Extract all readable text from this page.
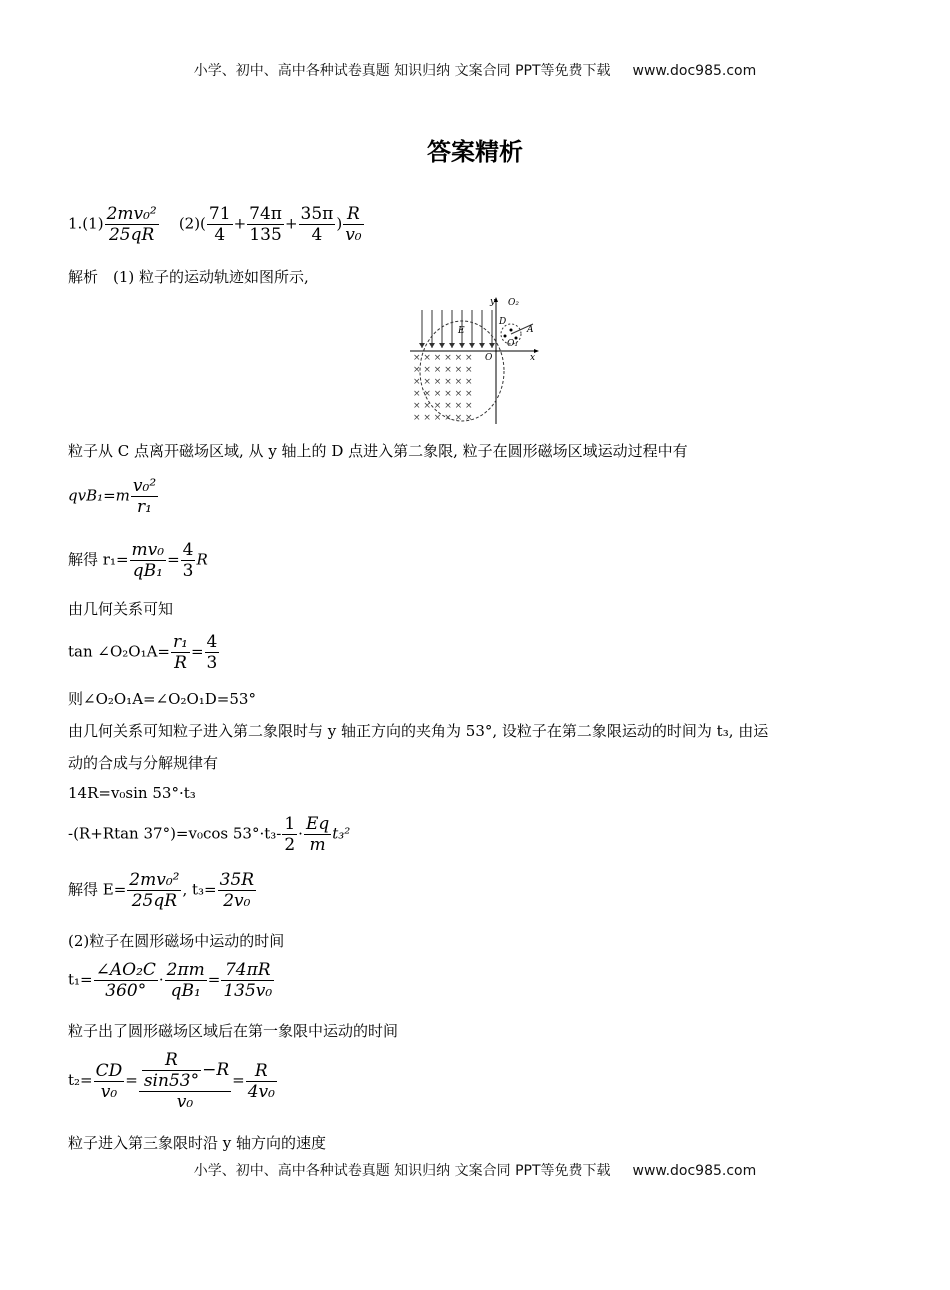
小学、初中、高中各种试卷真题 知识归纳 文案合同 PPT等免费下载 www.doc985.com
答案精析
$1.(1) \frac{\text{2mv₀²}}{25qR} (2)( \frac{71}{4} + \frac{74\pi}{135} + \frac{35\pi}{4}$ ) $\frac{R}{\text{v₀}}$
解析　(1) 粒子的运动轨迹如图所示,
× × × × × ×
× × × × × ×
× × × × × ×
× × × × × ×
× × × × × ×
× × × × × ×
y O₂
E
D
A
O
O₁
x
粒子从 C 点离开磁场区域, 从 y 轴上的 D 点进入第二象限, 粒子在圆形磁场区域运动过程中有
$qvB_1=m \frac{\text{v₀²}}{\text{r₁}}$
解得 $r_1= \frac{\text{mv₀}}{\text{qB₁}} = \frac{4}{3}$ R
由几何关系可知
tan ∠O₂O₁A= $\frac{\text{r₁}}{R} = \frac{4}{3}$
则∠O₂O₁A=∠O₂O₁D=53°
由几何关系可知粒子进入第二象限时与 y 轴正方向的夹角为 53°, 设粒子在第二象限运动的时间为 t₃, 由运
动的合成与分解规律有
14R=v₀sin 53°·t₃
-(R+Rtan 37°)=v₀cos $53^\circ\cdot t_3- \frac{1}{2} \cdot \frac{Eq}{m} t_3^2$
解得 $E= \frac{\text{2mv₀²}}{25qR}$ , $t_3= \frac{35R}{\text{2v₀}}$
(2)粒子在圆形磁场中运动的时间
$t_1= \frac{\text{∠AO₂C}}{360^\circ} \cdot \frac{2\pi m}{\text{qB₁}} = \frac{74\pi R}{\text{135v₀}}$
粒子出了圆形磁场区域后在第一象限中运动的时间
$t_2= \frac{CD}{\text{v₀}} = \frac{\frac{R}{\sin 53^\circ} -R}{\text{v₀}} = \frac{R}{\text{4v₀}}$
粒子进入第三象限时沿 y 轴方向的速度
小学、初中、高中各种试卷真题 知识归纳 文案合同 PPT等免费下载 www.doc985.com
